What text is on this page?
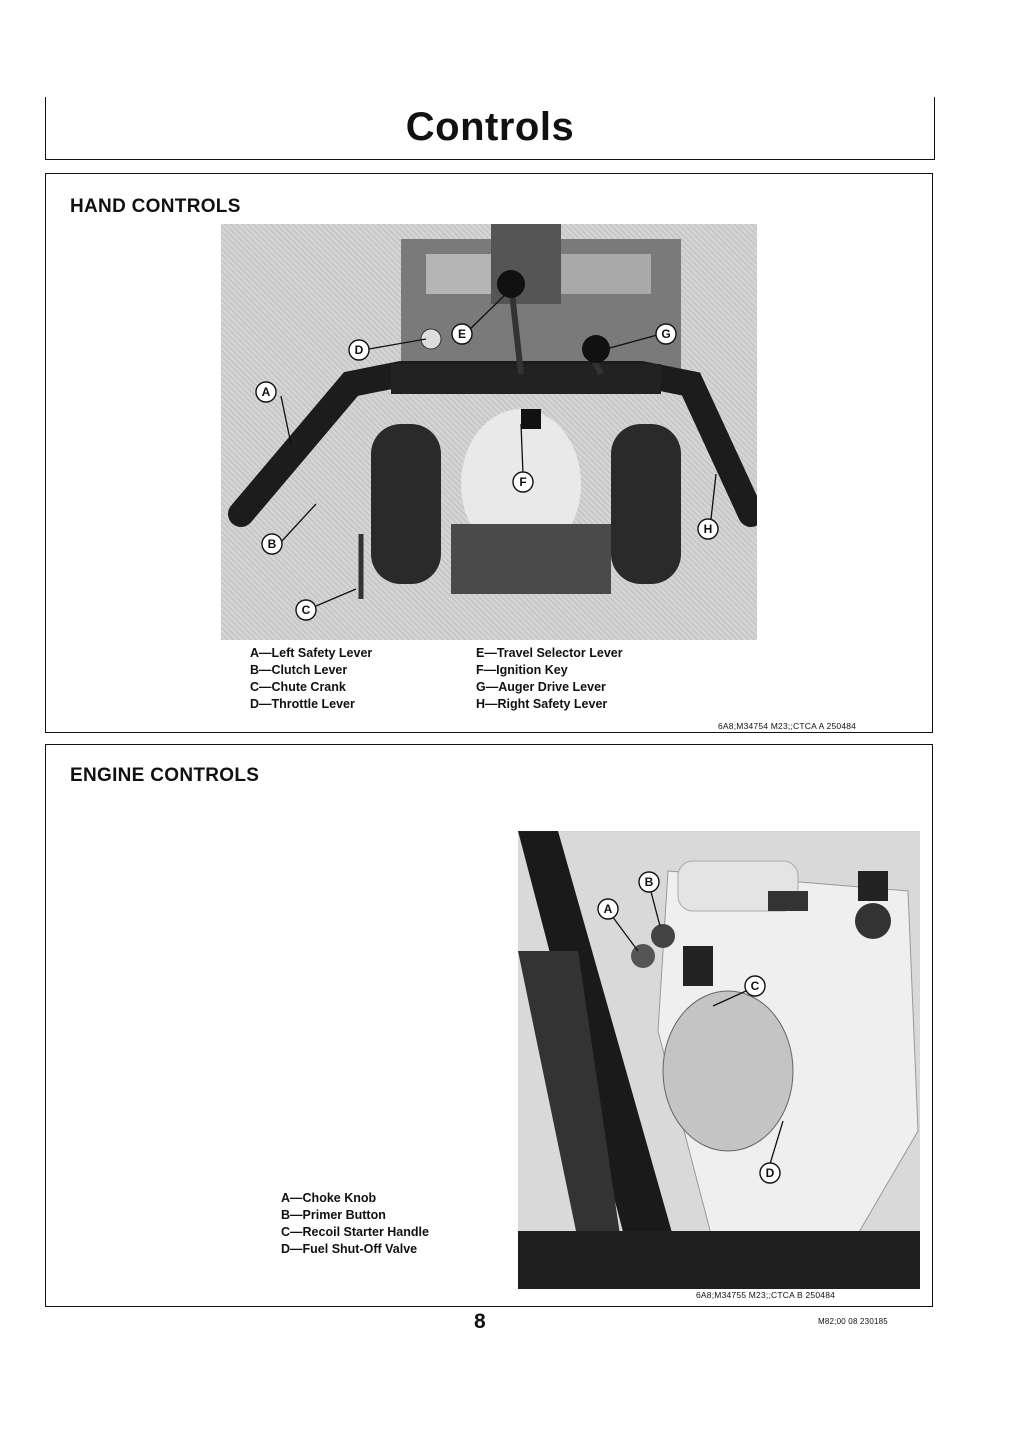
Controls
HAND CONTROLS
A
B
C
D
E
F
G
H
A—Left Safety Lever
B—Clutch Lever
C—Chute Crank
D—Throttle Lever
E—Travel Selector Lever
F—Ignition Key
G—Auger Drive Lever
H—Right Safety Lever
6A8;M34754 M23;;CTCA A 250484
ENGINE CONTROLS
A
B
C
D
A—Choke Knob
B—Primer Button
C—Recoil Starter Handle
D—Fuel Shut-Off Valve
6A8;M34755 M23;;CTCA B 250484
8	M82;00 08 230185
